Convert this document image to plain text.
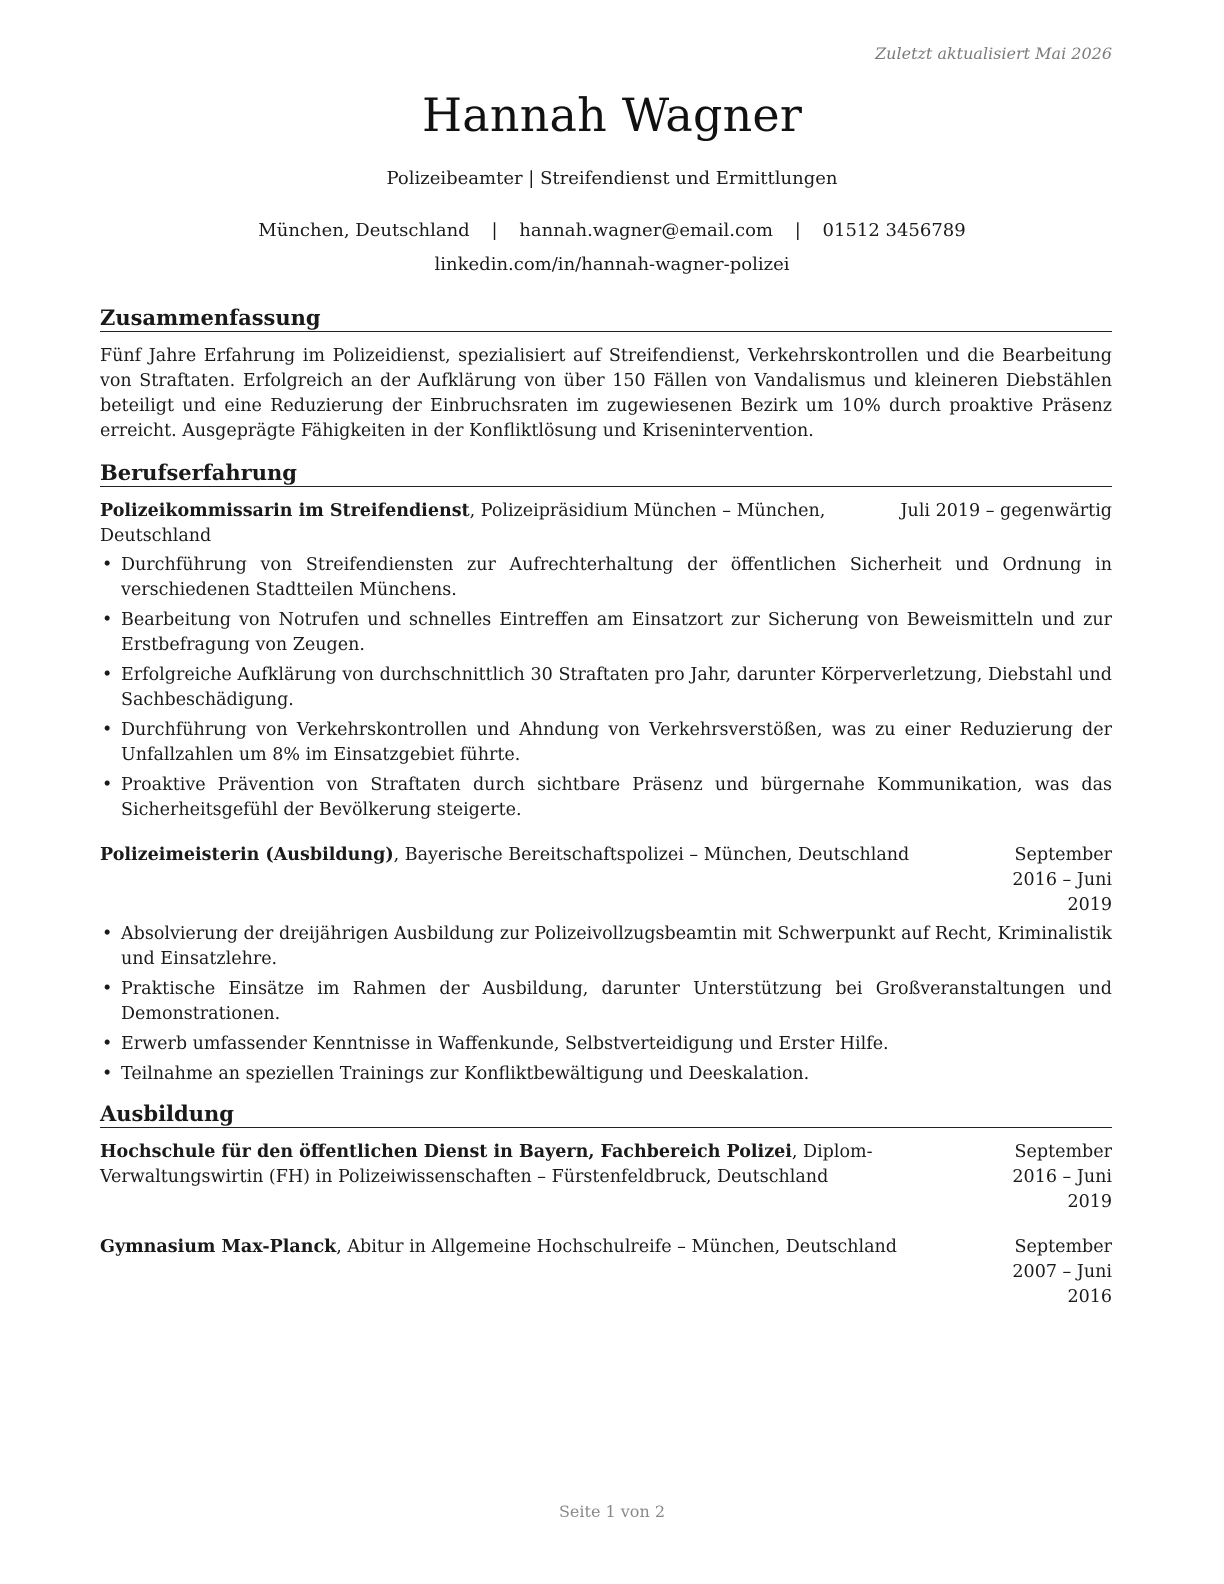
Zuletzt aktualisiert Mai 2026
Hannah Wagner
Polizeibeamter | Streifendienst und Ermittlungen
München, Deutschland | hannah.wagner@email.com | 01512 3456789
linkedin.com/in/hannah-wagner-polizei
Zusammenfassung

Fünf Jahre Erfahrung im Polizeidienst, spezialisiert auf Streifendienst, Verkehrskontrollen und die Bearbeitung von Straftaten. Erfolgreich an der Aufklärung von über 150 Fällen von Vandalismus und kleineren Diebstählen beteiligt und eine Reduzierung der Einbruchsraten im zugewiesenen Bezirk um 10% durch proaktive Präsenz erreicht. Ausgeprägte Fähigkeiten in der Konfliktlösung und Krisenintervention.

Berufserfahrung
Polizeikommissarin im Streifendienst, Polizeipräsidium München – München, Deutschland
Juli 2019 – gegenwärtig
• Durchführung von Streifendiensten zur Aufrechterhaltung der öffentlichen Sicherheit und Ordnung in verschiedenen Stadtteilen Münchens.
• Bearbeitung von Notrufen und schnelles Eintreffen am Einsatzort zur Sicherung von Beweismitteln und zur Erstbefragung von Zeugen.
• Erfolgreiche Aufklärung von durchschnittlich 30 Straftaten pro Jahr, darunter Körperverletzung, Diebstahl und Sachbeschädigung.
• Durchführung von Verkehrskontrollen und Ahndung von Verkehrsverstößen, was zu einer Reduzierung der Unfallzahlen um 8% im Einsatzgebiet führte.
• Proaktive Prävention von Straftaten durch sichtbare Präsenz und bürgernahe Kommunikation, was das Sicherheitsgefühl der Bevölkerung steigerte.
Polizeimeisterin (Ausbildung), Bayerische Bereitschaftspolizei – München, Deutschland	September 2016 – Juni 2019
• Absolvierung der dreijährigen Ausbildung zur Polizeivollzugsbeamtin mit Schwerpunkt auf Recht, Kriminalistik und Einsatzlehre.
• Praktische Einsätze im Rahmen der Ausbildung, darunter Unterstützung bei Großveranstaltungen und Demonstrationen.
• Erwerb umfassender Kenntnisse in Waffenkunde, Selbstverteidigung und Erster Hilfe.
• Teilnahme an speziellen Trainings zur Konfliktbewältigung und Deeskalation.
Ausbildung
Hochschule für den öffentlichen Dienst in Bayern, Fachbereich Polizei, Diplom-Verwaltungswirtin (FH) in Polizeiwissenschaften – Fürstenfeldbruck, Deutschland
September 2016 – Juni 2019
Gymnasium Max-Planck, Abitur in Allgemeine Hochschulreife – München, Deutschland	September 2007 – Juni 2016
Seite 1 von 2
